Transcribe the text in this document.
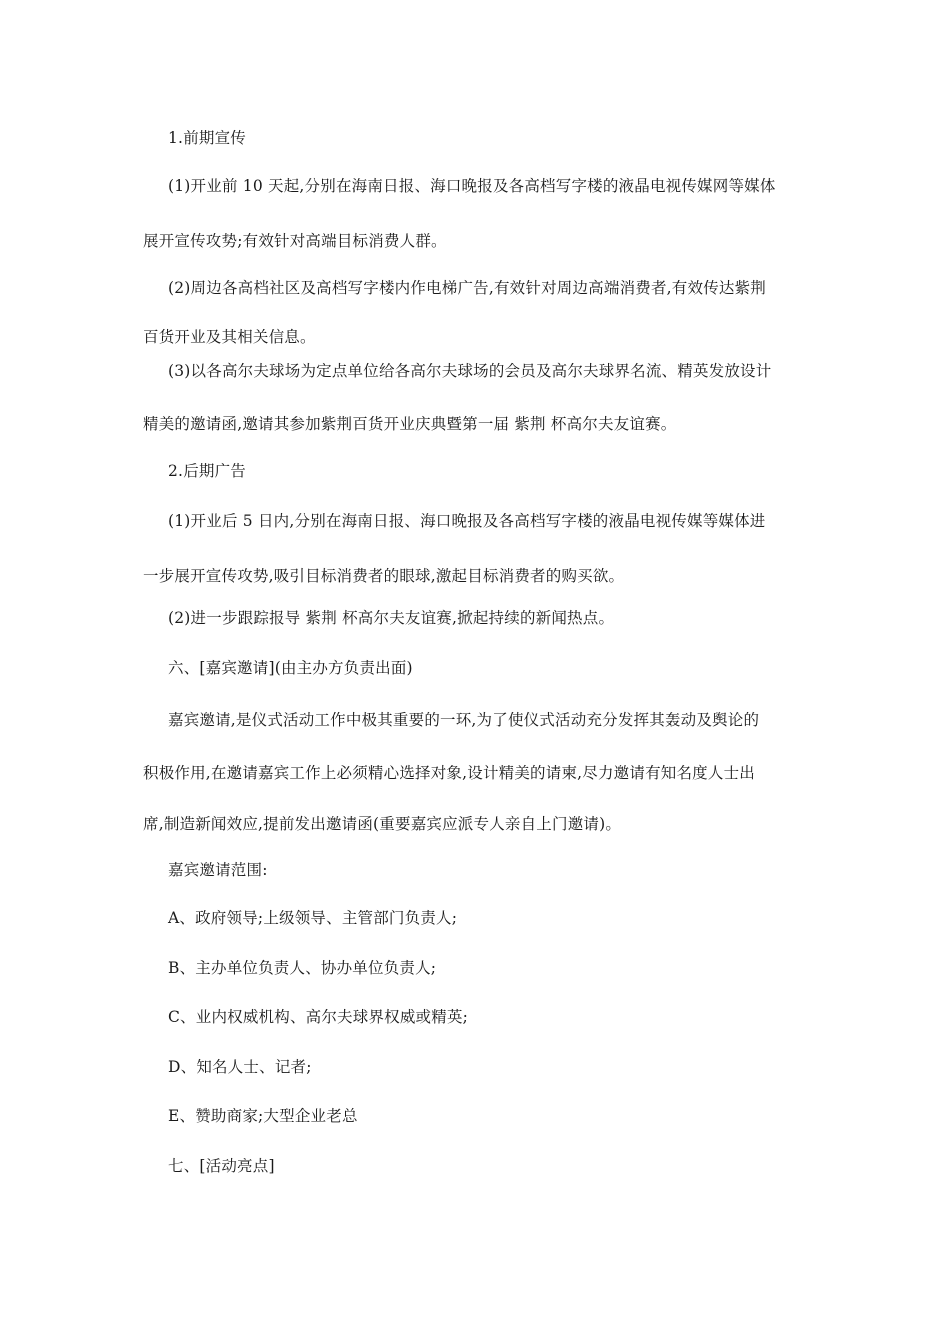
1.前期宣传
(1)开业前 10 天起,分别在海南日报、海口晚报及各高档写字楼的液晶电视传媒网等媒体
展开宣传攻势;有效针对高端目标消费人群。
(2)周边各高档社区及高档写字楼内作电梯广告,有效针对周边高端消费者,有效传达紫荆
百货开业及其相关信息。
(3)以各高尔夫球场为定点单位给各高尔夫球场的会员及高尔夫球界名流、精英发放设计
精美的邀请函,邀请其参加紫荆百货开业庆典暨第一届 紫荆 杯高尔夫友谊赛。
2.后期广告
(1)开业后 5 日内,分别在海南日报、海口晚报及各高档写字楼的液晶电视传媒等媒体进
一步展开宣传攻势,吸引目标消费者的眼球,激起目标消费者的购买欲。
(2)进一步跟踪报导 紫荆 杯高尔夫友谊赛,掀起持续的新闻热点。
六、[嘉宾邀请](由主办方负责出面)
嘉宾邀请,是仪式活动工作中极其重要的一环,为了使仪式活动充分发挥其轰动及舆论的
积极作用,在邀请嘉宾工作上必须精心选择对象,设计精美的请柬,尽力邀请有知名度人士出
席,制造新闻效应,提前发出邀请函(重要嘉宾应派专人亲自上门邀请)。
嘉宾邀请范围:
A、政府领导;上级领导、主管部门负责人;
B、主办单位负责人、协办单位负责人;
C、业内权威机构、高尔夫球界权威或精英;
D、知名人士、记者;
E、赞助商家;大型企业老总
七、[活动亮点]
